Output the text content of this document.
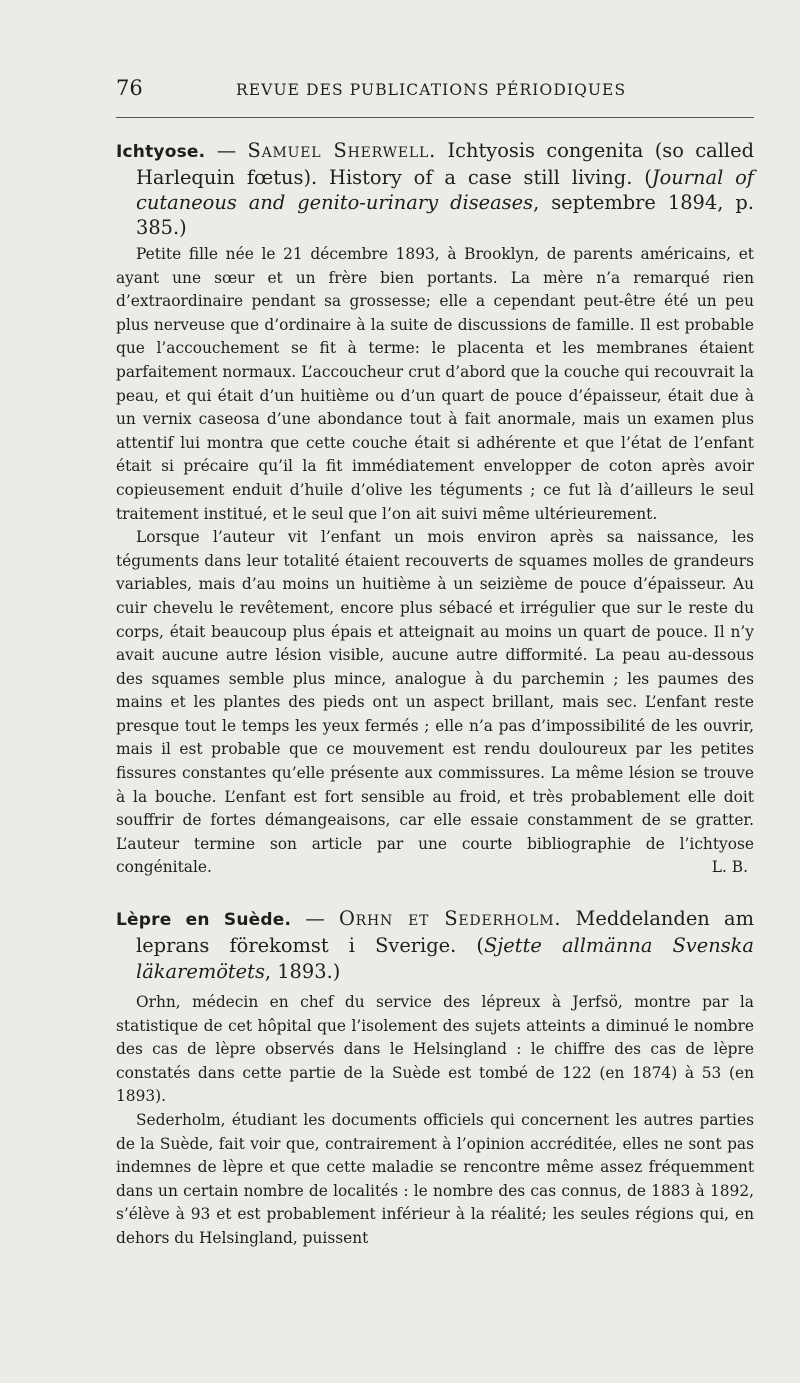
76	REVUE DES PUBLICATIONS PÉRIODIQUES

Ichtyose. — Samuel Sherwell. Ichtyosis congenita (so called Harlequin fœtus). History of a case still living. (Journal of cutaneous and genito-urinary diseases, septembre 1894, p. 385.)

Petite fille née le 21 décembre 1893, à Brooklyn, de parents américains, et ayant une sœur et un frère bien portants. La mère n’a remarqué rien d’extraordinaire pendant sa grossesse; elle a cependant peut-être été un peu plus nerveuse que d’ordinaire à la suite de discussions de famille. Il est probable que l’accouchement se fit à terme: le placenta et les membranes étaient parfaitement normaux. L’accoucheur crut d’abord que la couche qui recouvrait la peau, et qui était d’un huitième ou d’un quart de pouce d’épaisseur, était due à un vernix caseosa d’une abondance tout à fait anormale, mais un examen plus attentif lui montra que cette couche était si adhérente et que l’état de l’enfant était si précaire qu’il la fit immédiatement envelopper de coton après avoir copieusement enduit d’huile d’olive les téguments ; ce fut là d’ailleurs le seul traitement institué, et le seul que l’on ait suivi même ultérieurement.

Lorsque l’auteur vit l’enfant un mois environ après sa naissance, les téguments dans leur totalité étaient recouverts de squames molles de grandeurs variables, mais d’au moins un huitième à un seizième de pouce d’épaisseur. Au cuir chevelu le revêtement, encore plus sébacé et irrégulier que sur le reste du corps, était beaucoup plus épais et atteignait au moins un quart de pouce. Il n’y avait aucune autre lésion visible, aucune autre difformité. La peau au-dessous des squames semble plus mince, analogue à du parchemin ; les paumes des mains et les plantes des pieds ont un aspect brillant, mais sec. L’enfant reste presque tout le temps les yeux fermés ; elle n’a pas d’impossibilité de les ouvrir, mais il est probable que ce mouvement est rendu douloureux par les petites fissures constantes qu’elle présente aux commissures. La même lésion se trouve à la bouche. L’enfant est fort sensible au froid, et très probablement elle doit souffrir de fortes démangeaisons, car elle essaie constamment de se gratter. L’auteur termine son article par une courte bibliographie de l’ichtyose congénitale.	L. B.

Lèpre en Suède. — Orhn et Sederholm. Meddelanden am leprans förekomst i Sverige. (Sjette allmänna Svenska läkaremötets, 1893.)

Orhn, médecin en chef du service des lépreux à Jerfsö, montre par la statistique de cet hôpital que l’isolement des sujets atteints a diminué le nombre des cas de lèpre observés dans le Helsingland : le chiffre des cas de lèpre constatés dans cette partie de la Suède est tombé de 122 (en 1874) à 53 (en 1893).

Sederholm, étudiant les documents officiels qui concernent les autres parties de la Suède, fait voir que, contrairement à l’opinion accréditée, elles ne sont pas indemnes de lèpre et que cette maladie se rencontre même assez fréquemment dans un certain nombre de localités : le nombre des cas connus, de 1883 à 1892, s’élève à 93 et est probablement inférieur à la réalité; les seules régions qui, en dehors du Helsingland, puissent
